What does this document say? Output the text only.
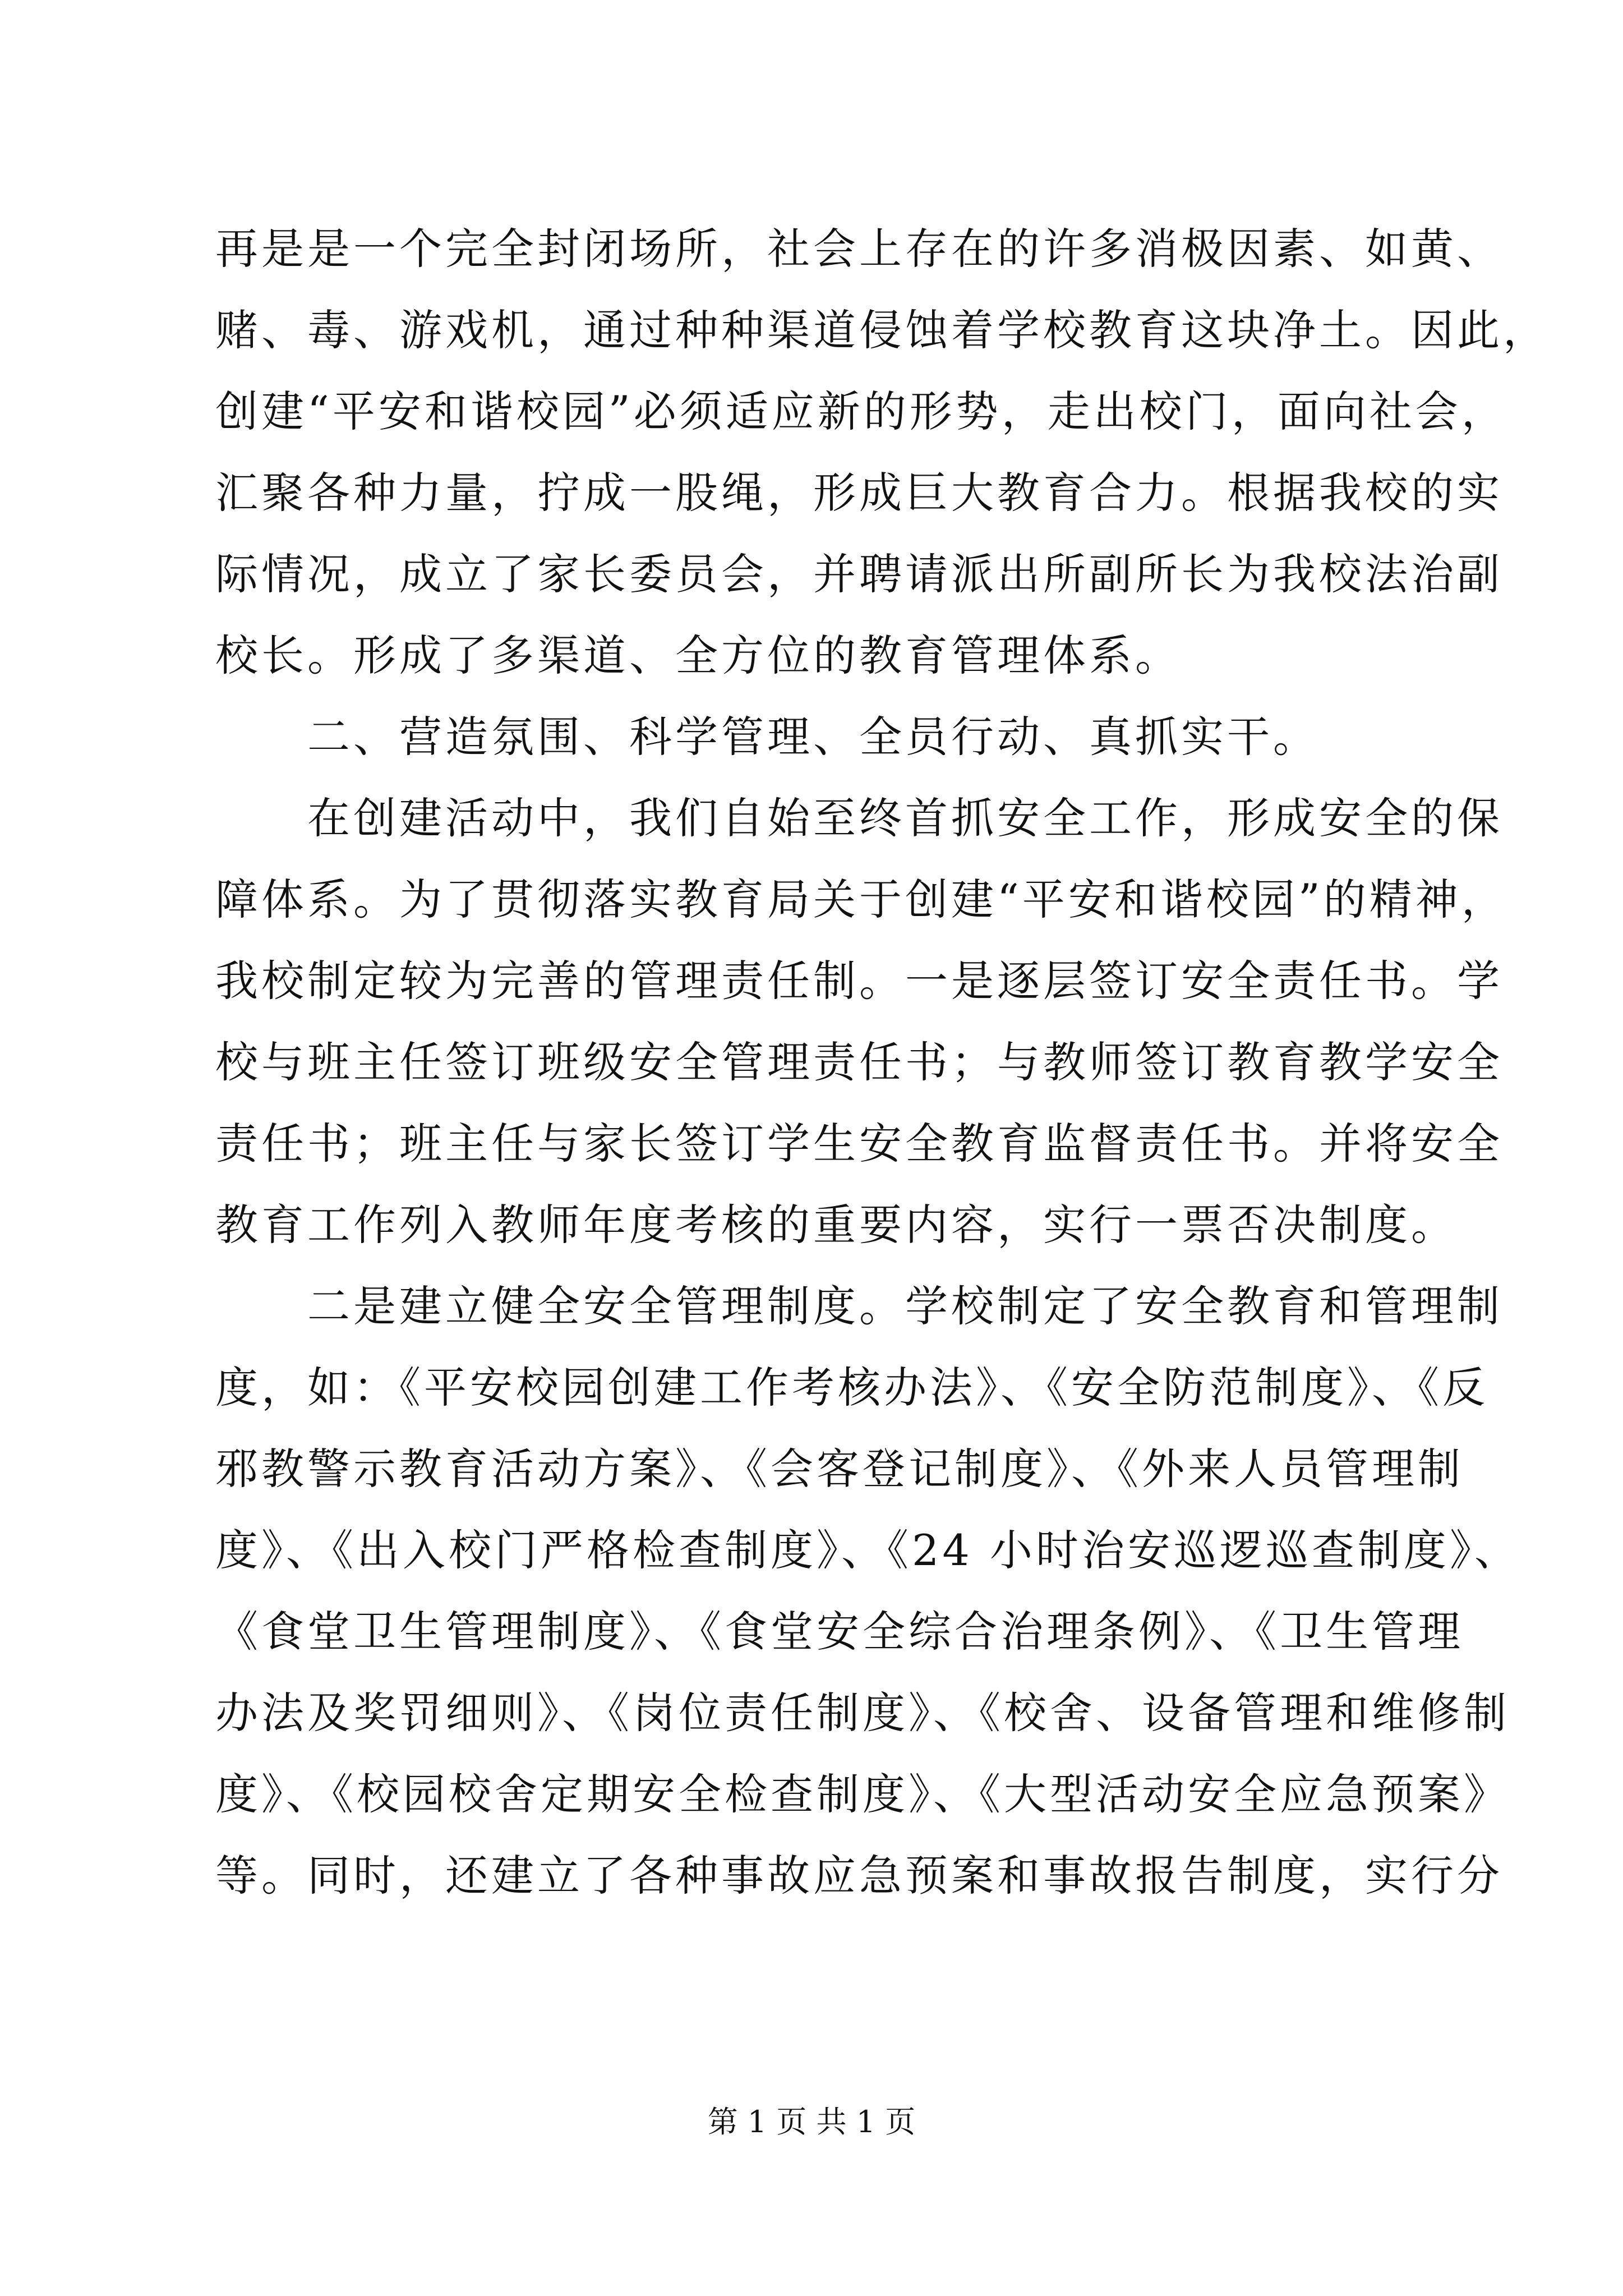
再是是一个完全封闭场所，社会上存在的许多消极因素、如黄、
赌、毒、游戏机，通过种种渠道侵蚀着学校教育这块净土。因此，
创建“平安和谐校园”必须适应新的形势，走出校门，面向社会，
汇聚各种力量，拧成一股绳，形成巨大教育合力。根据我校的实
际情况，成立了家长委员会，并聘请派出所副所长为我校法治副
校长。形成了多渠道、全方位的教育管理体系。
　　二、营造氛围、科学管理、全员行动、真抓实干。
　　在创建活动中，我们自始至终首抓安全工作，形成安全的保
障体系。为了贯彻落实教育局关于创建“平安和谐校园”的精神，
我校制定较为完善的管理责任制。一是逐层签订安全责任书。学
校与班主任签订班级安全管理责任书；与教师签订教育教学安全
责任书；班主任与家长签订学生安全教育监督责任书。并将安全
教育工作列入教师年度考核的重要内容，实行一票否决制度。
　　二是建立健全安全管理制度。学校制定了安全教育和管理制
度，如：《平安校园创建工作考核办法》、《安全防范制度》、《反
邪教警示教育活动方案》、《会客登记制度》、《外来人员管理制
度》、《出入校门严格检查制度》、《24 小时治安巡逻巡查制度》、
《食堂卫生管理制度》、《食堂安全综合治理条例》、《卫生管理
办法及奖罚细则》、《岗位责任制度》、《校舍、设备管理和维修制
度》、《校园校舍定期安全检查制度》、《大型活动安全应急预案》
等。同时，还建立了各种事故应急预案和事故报告制度，实行分
第 1 页 共 1 页
